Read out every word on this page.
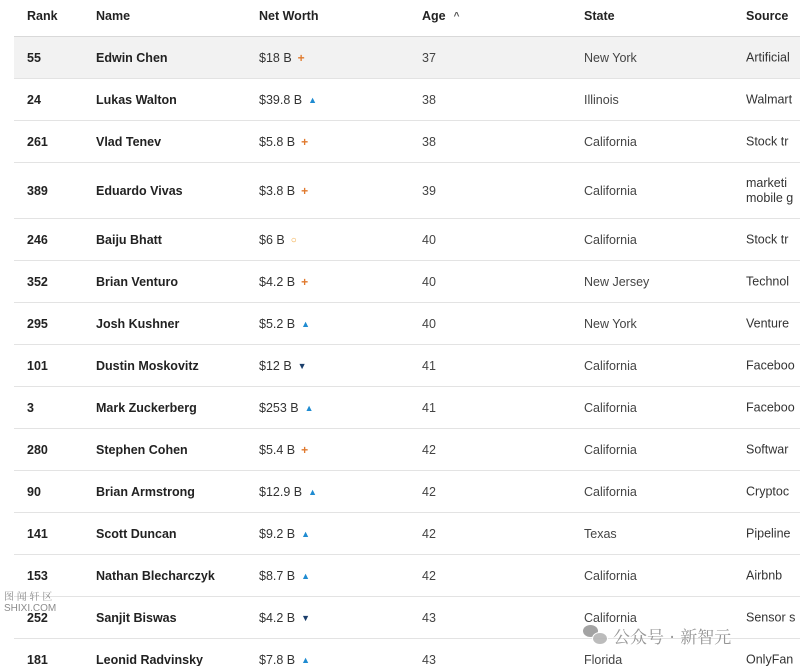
Rank	Name	Net Worth	Age ^	State	Source
55	Edwin Chen	$18 B +	37	New York	Artificial
24	Lukas Walton	$39.8 B ▲	38	Illinois	Walmart
261	Vlad Tenev	$5.8 B +	38	California	Stock tr
389	Eduardo Vivas	$3.8 B +	39	California
marketi
mobile g
246	Baiju Bhatt	$6 B ○	40	California	Stock tr
352	Brian Venturo	$4.2 B +	40	New Jersey	Technol
295	Josh Kushner	$5.2 B ▲	40	New York	Venture
101	Dustin Moskovitz	$12 B ▼	41	California	Faceboo
3	Mark Zuckerberg	$253 B ▲	41	California	Faceboo
280	Stephen Cohen	$5.4 B +	42	California	Softwar
90	Brian Armstrong	$12.9 B ▲	42	California	Cryptoc
141	Scott Duncan	$9.2 B ▲	42	Texas	Pipeline
153	Nathan Blecharczyk	$8.7 B ▲	42	California	Airbnb
252	Sanjit Biswas	$4.2 B ▼	43	California	Sensor s
181	Leonid Radvinsky	$7.8 B ▲	43	Florida	OnlyFan
图 闻 轩 区
SHIXI.COM
公众号 · 新智元
